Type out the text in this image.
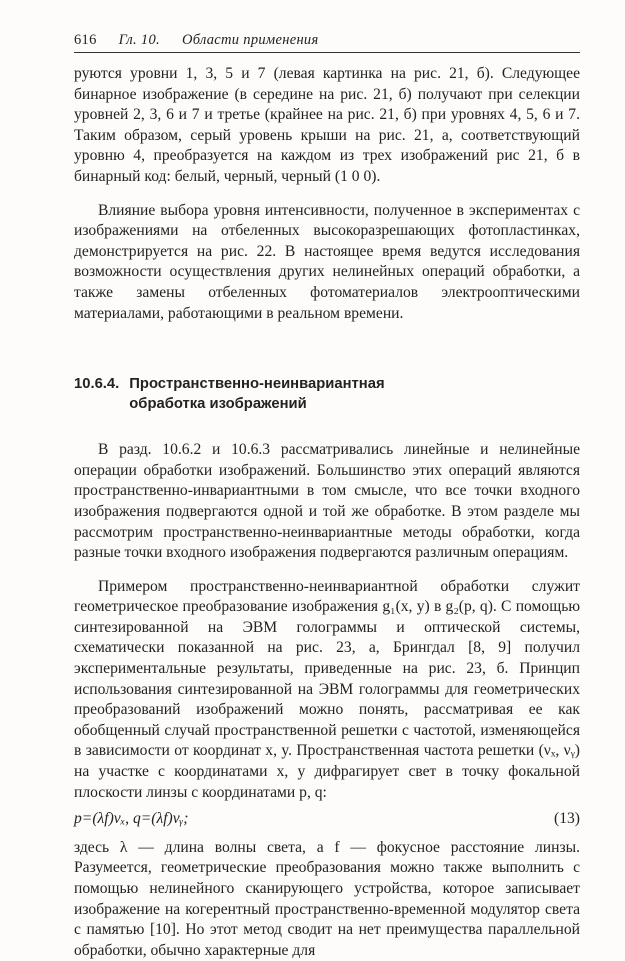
616 Гл. 10. Области применения

руются уровни 1, 3, 5 и 7 (левая картинка на рис. 21, б). Следующее бинарное изображение (в середине на рис. 21, б) получают при селекции уровней 2, 3, 6 и 7 и третье (крайнее на рис. 21, б) при уровнях 4, 5, 6 и 7. Таким образом, серый уровень крыши на рис. 21, а, соответствующий уровню 4, преобразуется на каждом из трех изображений рис 21, б в бинарный код: белый, черный, черный (1 0 0).

Влияние выбора уровня интенсивности, полученное в экспериментах с изображениями на отбеленных высокоразрешающих фотопластинках, демонстрируется на рис. 22. В настоящее время ведутся исследования возможности осуществления других нелинейных операций обработки, а также замены отбеленных фотоматериалов электрооптическими материалами, работающими в реальном времени.

10.6.4. Пространственно-неинвариантная
обработка изображений

В разд. 10.6.2 и 10.6.3 рассматривались линейные и нелинейные операции обработки изображений. Большинство этих операций являются пространственно-инвариантными в том смысле, что все точки входного изображения подвергаются одной и той же обработке. В этом разделе мы рассмотрим пространственно-неинвариантные методы обработки, когда разные точки входного изображения подвергаются различным операциям.

Примером пространственно-неинвариантной обработки служит геометрическое преобразование изображения g₁(x, y) в g₂(p, q). С помощью синтезированной на ЭВМ голограммы и оптической системы, схематически показанной на рис. 23, а, Брингдал [8, 9] получил экспериментальные результаты, приведенные на рис. 23, б. Принцип использования синтезированной на ЭВМ голограммы для геометрических преобразований изображений можно понять, рассматривая ее как обобщенный случай пространственной решетки с частотой, изменяющейся в зависимости от координат x, y. Пространственная частота решетки (νₓ, νᵧ) на участке с координатами x, y дифрагирует свет в точку фокальной плоскости линзы с координатами p, q:

p=(λf)νₓ, q=(λf)νᵧ;	(13)

здесь λ — длина волны света, а f — фокусное расстояние линзы. Разумеется, геометрические преобразования можно также выполнить с помощью нелинейного сканирующего устройства, которое записывает изображение на когерентный пространственно-временной модулятор света с памятью [10]. Но этот метод сводит на нет преимущества параллельной обработки, обычно характерные для
